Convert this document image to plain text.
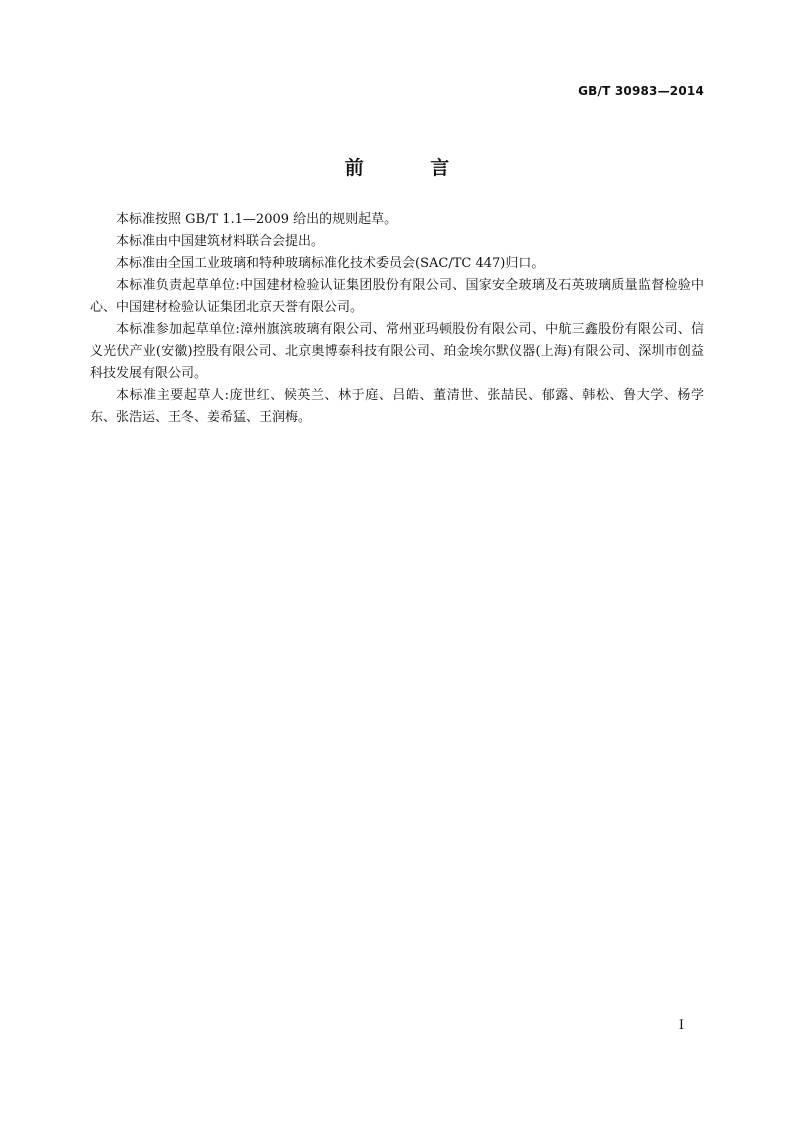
GB/T 30983—2014
前 言

本标准按照 GB/T 1.1—2009 给出的规则起草。

本标准由中国建筑材料联合会提出。

本标准由全国工业玻璃和特种玻璃标准化技术委员会(SAC/TC 447)归口。

本标准负责起草单位:中国建材检验认证集团股份有限公司、国家安全玻璃及石英玻璃质量监督检验中心、中国建材检验认证集团北京天誉有限公司。

本标准参加起草单位:漳州旗滨玻璃有限公司、常州亚玛顿股份有限公司、中航三鑫股份有限公司、信义光伏产业(安徽)控股有限公司、北京奥博泰科技有限公司、珀金埃尔默仪器(上海)有限公司、深圳市创益科技发展有限公司。

本标准主要起草人:庞世红、候英兰、林于庭、吕皓、董清世、张喆民、郁露、韩松、鲁大学、杨学东、张浩运、王冬、姜希猛、王润梅。

I
